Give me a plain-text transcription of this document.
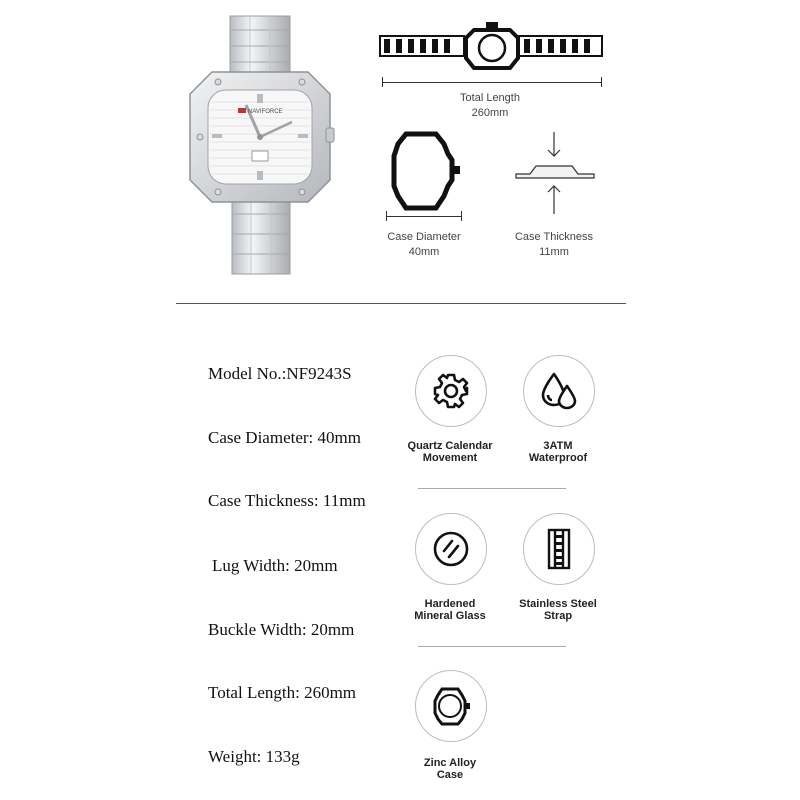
NAVIFORCE
Total Length
260mm
Case Diameter
40mm
Case Thickness
11mm
Model No.:NF9243S
Case Diameter: 40mm
Case Thickness: 11mm
Lug Width: 20mm
Buckle Width: 20mm
Total Length: 260mm
Weight: 133g
Quartz Calendar
Movement
3ATM
Waterproof
Hardened
Mineral Glass
Stainless Steel
Strap
Zinc Alloy
Case
